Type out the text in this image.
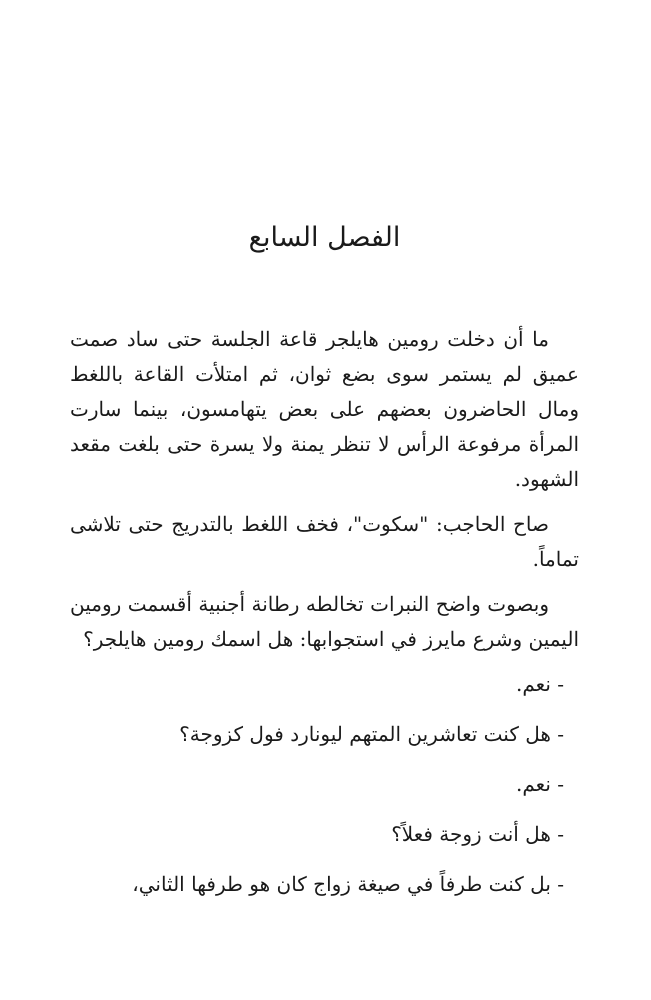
الفصل السابع

ما أن دخلت رومين هايلجر قاعة الجلسة حتى ساد صمت عميق لم يستمر سوى بضع ثوان، ثم امتلأت القاعة باللغط ومال الحاضرون بعضهم على بعض يتهامسون، بينما سارت المرأة مرفوعة الرأس لا تنظر يمنة ولا يسرة حتى بلغت مقعد الشهود.

صاح الحاجب: "سكوت"، فخف اللغط بالتدريج حتى تلاشى تماماً.

وبصوت واضح النبرات تخالطه رطانة أجنبية أقسمت رومين اليمين وشرع مايرز في استجوابها: هل اسمك رومين هايلجر؟

- نعم.

- هل كنت تعاشرين المتهم ليونارد فول كزوجة؟

- نعم.

- هل أنت زوجة فعلاً؟

- بل كنت طرفاً في صيغة زواج كان هو طرفها الثاني،
